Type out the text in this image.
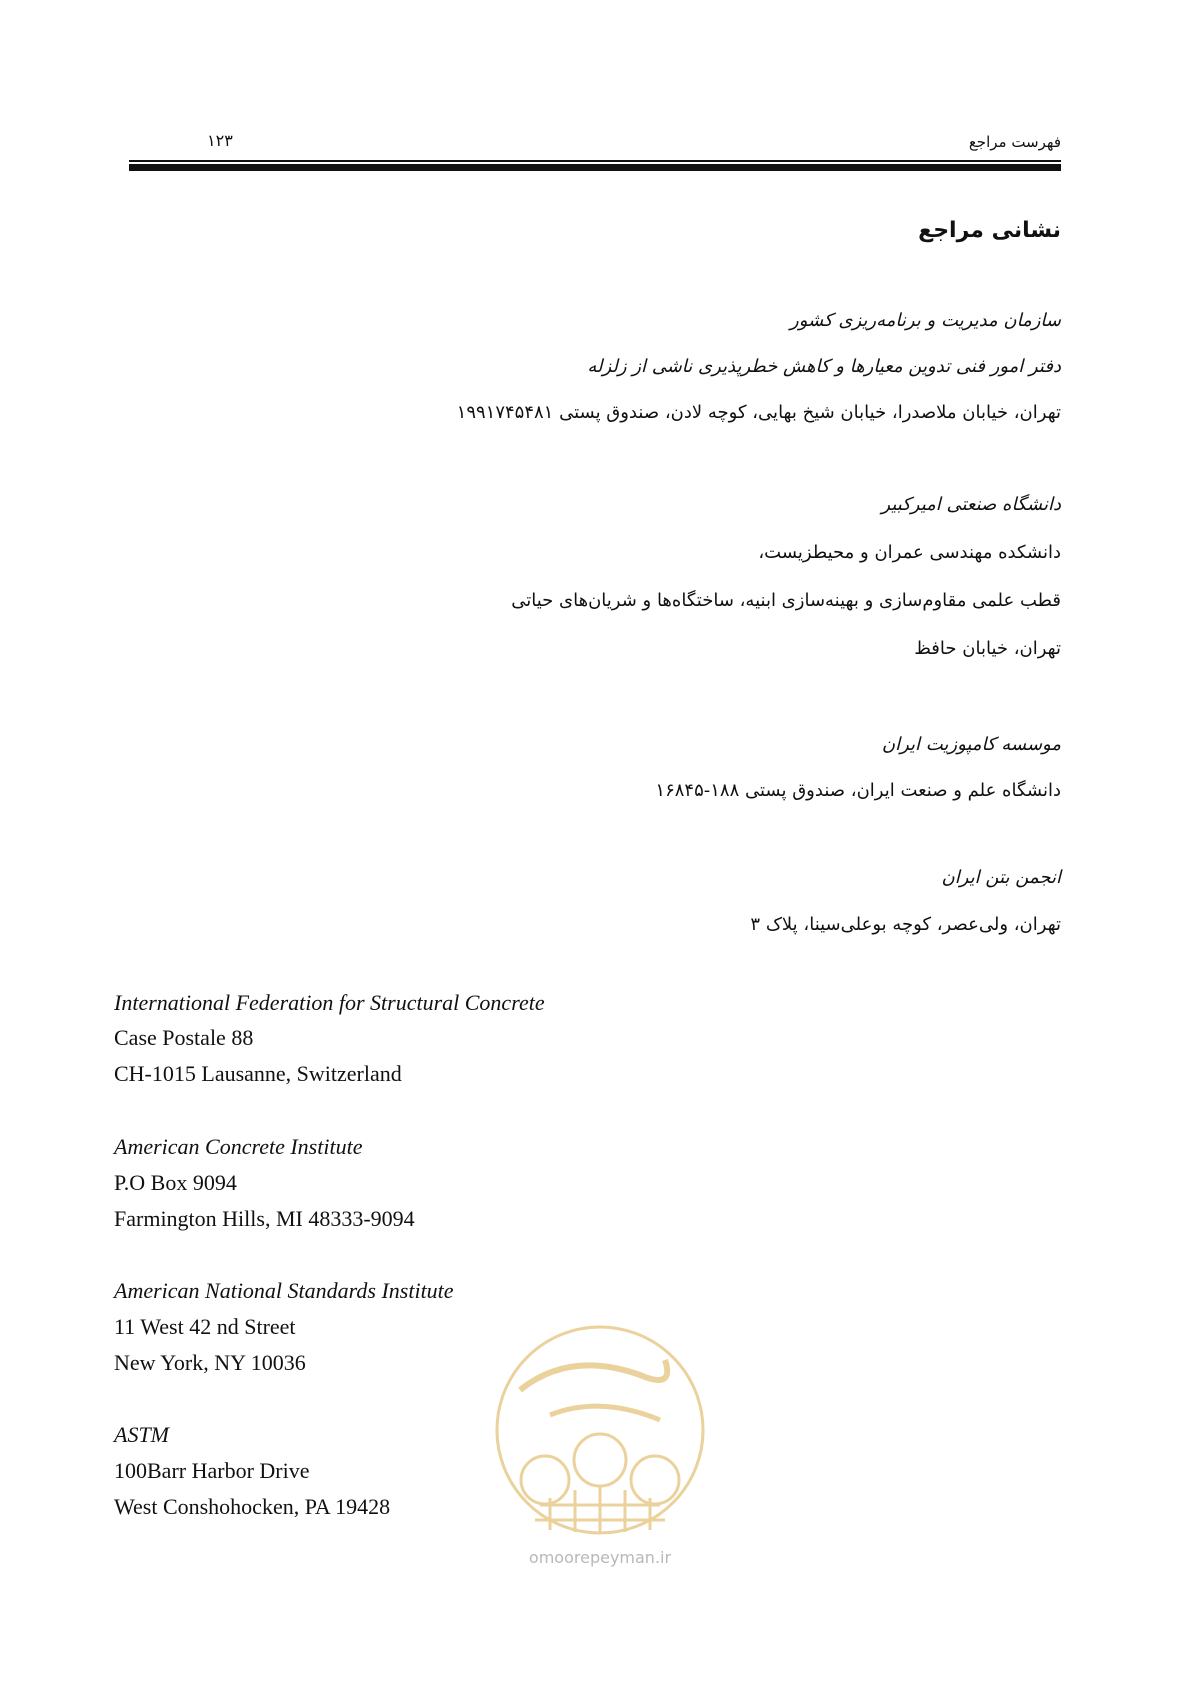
فهرست مراجع
۱۲۳
نشانی مراجع
سازمان مدیریت و برنامه‌ریزی کشور
دفتر امور فنی تدوین معیارها و کاهش خطرپذیری ناشی از زلزله
تهران، خیابان ملاصدرا، خیابان شیخ بهایی، کوچه لادن، صندوق پستی ۱۹۹۱۷۴۵۴۸۱
دانشگاه صنعتی امیرکبیر
دانشکده مهندسی عمران و محیطزیست،
قطب علمی مقاوم‌سازی و بهینه‌سازی ابنیه، ساختگاه‌ها و شریان‌های حیاتی
تهران، خیابان حافظ
موسسه کامپوزیت ایران
دانشگاه علم و صنعت ایران، صندوق پستی ۱۸۸-۱۶۸۴۵
انجمن بتن ایران
تهران، ولی‌عصر، کوچه بوعلی‌سینا، پلاک ۳
International Federation for Structural Concrete
Case Postale 88
CH-1015 Lausanne, Switzerland
American Concrete Institute
P.O Box 9094
Farmington Hills, MI 48333-9094
American National Standards Institute
11 West 42 nd Street
New York, NY 10036
ASTM
100Barr Harbor Drive
West Conshohocken, PA 19428
omoorepeyman.ir
